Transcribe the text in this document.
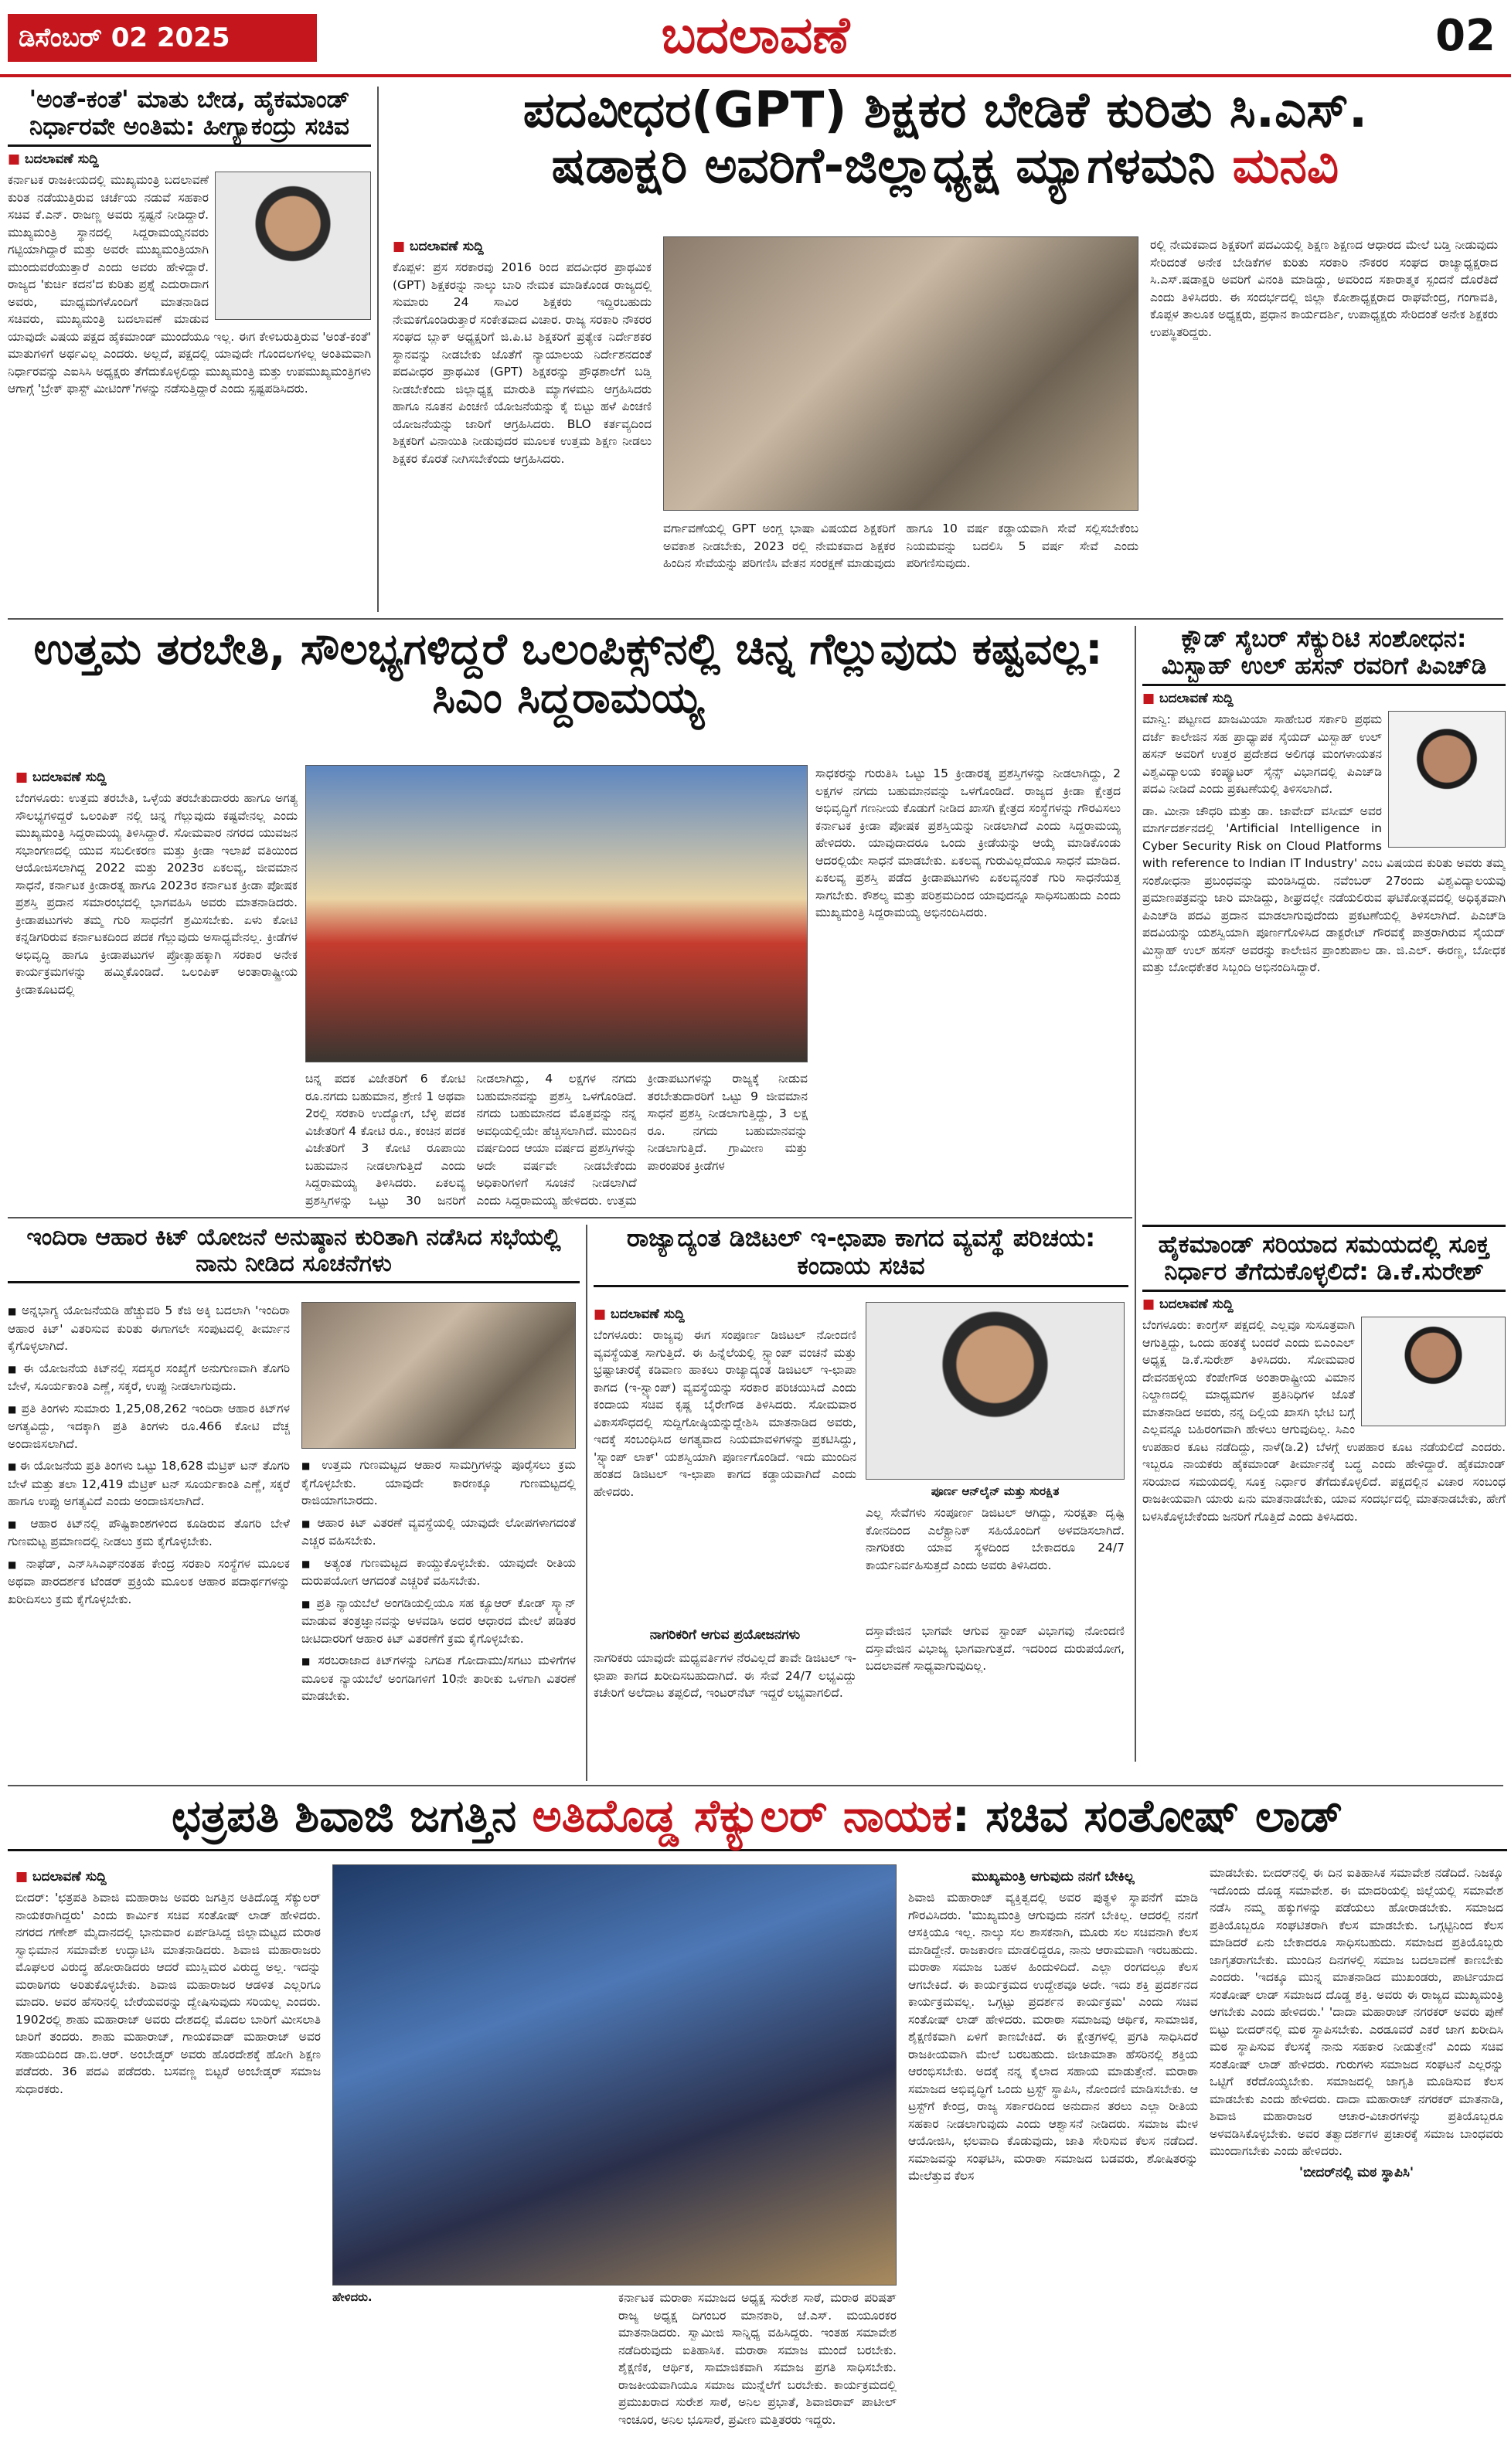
ಡಿಸೆಂಬರ್ 02 2025	ಬದಲಾವಣೆ	02
'ಅಂತೆ-ಕಂತೆ' ಮಾತು ಬೇಡ, ಹೈಕಮಾಂಡ್ ನಿರ್ಧಾರವೇ ಅಂತಿಮ: ಹೀಗ್ಯಾಕಂದ್ರು ಸಚಿವ
■ ಬದಲಾವಣೆ ಸುದ್ದಿ
ಕರ್ನಾಟಕ ರಾಜಕೀಯದಲ್ಲಿ ಮುಖ್ಯಮಂತ್ರಿ ಬದಲಾವಣೆ ಕುರಿತ ನಡೆಯುತ್ತಿರುವ ಚರ್ಚೆಯ ನಡುವೆ ಸಹಕಾರ ಸಚಿವ ಕೆ.ಎನ್. ರಾಜಣ್ಣ ಅವರು ಸ್ಪಷ್ಟನೆ ನೀಡಿದ್ದಾರೆ. ಮುಖ್ಯಮಂತ್ರಿ ಸ್ಥಾನದಲ್ಲಿ ಸಿದ್ದರಾಮಯ್ಯನವರು ಗಟ್ಟಿಯಾಗಿದ್ದಾರೆ ಮತ್ತು ಅವರೇ ಮುಖ್ಯಮಂತ್ರಿಯಾಗಿ ಮುಂದುವರೆಯುತ್ತಾರೆ ಎಂದು ಅವರು ಹೇಳಿದ್ದಾರೆ. ರಾಜ್ಯದ 'ಕುರ್ಚಿ ಕದನ'ದ ಕುರಿತು ಪ್ರಶ್ನೆ ಎದುರಾದಾಗ ಅವರು, ಮಾಧ್ಯಮಗಳೊಂದಿಗೆ ಮಾತನಾಡಿದ ಸಚಿವರು, ಮುಖ್ಯಮಂತ್ರಿ ಬದಲಾವಣೆ ಮಾಡುವ ಯಾವುದೇ ವಿಷಯ ಪಕ್ಷದ ಹೈಕಮಾಂಡ್ ಮುಂದೆಯೂ ಇಲ್ಲ. ಈಗ ಕೇಳಿಬರುತ್ತಿರುವ 'ಅಂತೆ-ಕಂತೆ' ಮಾತುಗಳಿಗೆ ಅರ್ಥವಿಲ್ಲ ಎಂದರು. ಅಲ್ಲದೆ, ಪಕ್ಷದಲ್ಲಿ ಯಾವುದೇ ಗೊಂದಲಗಳಿಲ್ಲ ಅಂತಿಮವಾಗಿ ನಿರ್ಧಾರವನ್ನು ಎಐಸಿಸಿ ಅಧ್ಯಕ್ಷರು ತೆಗೆದುಕೊಳ್ಳಲಿದ್ದು ಮುಖ್ಯಮಂತ್ರಿ ಮತ್ತು ಉಪಮುಖ್ಯಮಂತ್ರಿಗಳು ಆಗಾಗ್ಗೆ 'ಬ್ರೇಕ್ ಫಾಸ್ಟ್ ಮೀಟಿಂಗ್'ಗಳನ್ನು ನಡೆಸುತ್ತಿದ್ದಾರೆ ಎಂದು ಸ್ಪಷ್ಟಪಡಿಸಿದರು.
ಪದವೀಧರ(GPT) ಶಿಕ್ಷಕರ ಬೇಡಿಕೆ ಕುರಿತು ಸಿ.ಎಸ್.
ಷಡಾಕ್ಷರಿ ಅವರಿಗೆ-ಜಿಲ್ಲಾಧ್ಯಕ್ಷ ಮ್ಯಾಗಳಮನಿ ಮನವಿ
■ ಬದಲಾವಣೆ ಸುದ್ದಿ
ಕೊಪ್ಪಳ: ಪ್ರಸ ಸರಕಾರವು 2016 ರಿಂದ ಪದವೀಧರ ಪ್ರಾಥಮಿಕ (GPT) ಶಿಕ್ಷಕರನ್ನು ನಾಲ್ಕು ಬಾರಿ ನೇಮಕ ಮಾಡಿಕೊಂಡ ರಾಜ್ಯದಲ್ಲಿ ಸುಮಾರು 24 ಸಾವಿರ ಶಿಕ್ಷಕರು ಇದ್ದಿರಬಹುದು ನೇಮಕಗೊಂಡಿರುತ್ತಾರೆ ಸಂಕೇತವಾದ ವಿಚಾರ. ರಾಜ್ಯ ಸರಕಾರಿ ನೌಕರರ ಸಂಘದ ಬ್ಲಾಕ್ ಅಧ್ಯಕ್ಷರಿಗೆ ಜಿ.ಪಿ.ಟಿ ಶಿಕ್ಷಕರಿಗೆ ಪ್ರತ್ಯೇಕ ನಿರ್ದೇಶಕರ ಸ್ಥಾನವನ್ನು ನೀಡಬೇಕು ಜೊತೆಗೆ ನ್ಯಾಯಾಲಯ ನಿರ್ದೇಶನದಂತೆ ಪದವೀಧರ ಪ್ರಾಥಮಿಕ (GPT) ಶಿಕ್ಷಕರನ್ನು ಪ್ರೌಢಶಾಲೆಗೆ ಬಡ್ತಿ ನೀಡಬೇಕೆಂದು ಜಿಲ್ಲಾಧ್ಯಕ್ಷ ಮಾರುತಿ ಮ್ಯಾಗಳಮನಿ ಆಗ್ರಹಿಸಿದರು ಹಾಗೂ ನೂತನ ಪಿಂಚಣಿ ಯೋಜನೆಯನ್ನು ಕೈ ಬಿಟ್ಟು ಹಳೆ ಪಿಂಚಣಿ ಯೋಜನೆಯನ್ನು ಜಾರಿಗೆ ಆಗ್ರಹಿಸಿದರು. BLO ಕರ್ತವ್ಯದಿಂದ ಶಿಕ್ಷಕರಿಗೆ ವಿನಾಯಿತಿ ನೀಡುವುದರ ಮೂಲಕ ಉತ್ತಮ ಶಿಕ್ಷಣ ನೀಡಲು ಶಿಕ್ಷಕರ ಕೊರತೆ ನೀಗಿಸಬೇಕೆಂದು ಆಗ್ರಹಿಸಿದರು.
ವರ್ಗಾವಣೆಯಲ್ಲಿ GPT ಅಂಗ್ಲ ಭಾಷಾ ವಿಷಯದ ಶಿಕ್ಷಕರಿಗೆ ಅವಕಾಶ ನೀಡಬೇಕು, 2023 ರಲ್ಲಿ ನೇಮಕವಾದ ಶಿಕ್ಷಕರ ಹಿಂದಿನ ಸೇವೆಯನ್ನು ಪರಿಗಣಿಸಿ ವೇತನ ಸಂರಕ್ಷಣೆ ಮಾಡುವುದು ಹಾಗೂ 10 ವರ್ಷ ಕಡ್ಡಾಯವಾಗಿ ಸೇವೆ ಸಲ್ಲಿಸಬೇಕೆಂಬ ನಿಯಮವನ್ನು ಬದಲಿಸಿ 5 ವರ್ಷ ಸೇವೆ ಎಂದು ಪರಿಗಣಿಸುವುದು.
ರಲ್ಲಿ ನೇಮಕವಾದ ಶಿಕ್ಷಕರಿಗೆ ಪದವಿಯಲ್ಲಿ ಶಿಕ್ಷಣ ಶಿಕ್ಷಣದ ಆಧಾರದ ಮೇಲೆ ಬಡ್ತಿ ನೀಡುವುದು ಸೇರಿದಂತೆ ಅನೇಕ ಬೇಡಿಕೆಗಳ ಕುರಿತು ಸರಕಾರಿ ನೌಕರರ ಸಂಘದ ರಾಜ್ಯಾಧ್ಯಕ್ಷರಾದ ಸಿ.ಎಸ್.ಷಡಾಕ್ಷರಿ ಅವರಿಗೆ ವಿನಂತಿ ಮಾಡಿದ್ದು, ಅವರಿಂದ ಸಕಾರಾತ್ಮಕ ಸ್ಪಂದನೆ ದೊರೆತಿದೆ ಎಂದು ತಿಳಿಸಿದರು. ಈ ಸಂದರ್ಭದಲ್ಲಿ ಜಿಲ್ಲಾ ಕೋಶಾಧ್ಯಕ್ಷರಾದ ರಾಘವೇಂದ್ರ, ಗಂಗಾವತಿ, ಕೊಪ್ಪಳ ತಾಲೂಕ ಅಧ್ಯಕ್ಷರು, ಪ್ರಧಾನ ಕಾರ್ಯದರ್ಶಿ, ಉಪಾಧ್ಯಕ್ಷರು ಸೇರಿದಂತೆ ಅನೇಕ ಶಿಕ್ಷಕರು ಉಪಸ್ಥಿತರಿದ್ದರು.
ಉತ್ತಮ ತರಬೇತಿ, ಸೌಲಭ್ಯಗಳಿದ್ದರೆ ಒಲಂಪಿಕ್ಸ್‌ನಲ್ಲಿ ಚಿನ್ನ ಗೆಲ್ಲುವುದು ಕಷ್ಟವಲ್ಲ: ಸಿಎಂ ಸಿದ್ದರಾಮಯ್ಯ
■ ಬದಲಾವಣೆ ಸುದ್ದಿ
ಬೆಂಗಳೂರು: ಉತ್ತಮ ತರಬೇತಿ, ಒಳ್ಳೆಯ ತರಬೇತುದಾರರು ಹಾಗೂ ಅಗತ್ಯ ಸೌಲಭ್ಯಗಳಿದ್ದರೆ ಒಲಂಪಿಕ್ ನಲ್ಲಿ ಚಿನ್ನ ಗೆಲ್ಲುವುದು ಕಷ್ಟವೇನಲ್ಲ ಎಂದು ಮುಖ್ಯಮಂತ್ರಿ ಸಿದ್ದರಾಮಯ್ಯ ತಿಳಿಸಿದ್ದಾರೆ. ಸೋಮವಾರ ನಗರದ ಯುವಜನ ಸಭಾಂಗಣದಲ್ಲಿ ಯುವ ಸಬಲೀಕರಣ ಮತ್ತು ಕ್ರೀಡಾ ಇಲಾಖೆ ವತಿಯಿಂದ ಆಯೋಜಿಸಲಾಗಿದ್ದ 2022 ಮತ್ತು 2023ರ ಏಕಲವ್ಯ, ಜೀವಮಾನ ಸಾಧನೆ, ಕರ್ನಾಟಕ ಕ್ರೀಡಾರತ್ನ ಹಾಗೂ 2023ರ ಕರ್ನಾಟಕ ಕ್ರೀಡಾ ಪೋಷಕ ಪ್ರಶಸ್ತಿ ಪ್ರದಾನ ಸಮಾರಂಭದಲ್ಲಿ ಭಾಗವಹಿಸಿ ಅವರು ಮಾತನಾಡಿದರು. ಕ್ರೀಡಾಪಟುಗಳು ತಮ್ಮ ಗುರಿ ಸಾಧನೆಗೆ ಶ್ರಮಿಸಬೇಕು. ಏಳು ಕೋಟಿ ಕನ್ನಡಿಗರಿರುವ ಕರ್ನಾಟಕದಿಂದ ಪದಕ ಗೆಲ್ಲುವುದು ಅಸಾಧ್ಯವೇನಲ್ಲ. ಕ್ರೀಡೆಗಳ ಅಭಿವೃದ್ಧಿ ಹಾಗೂ ಕ್ರೀಡಾಪಟುಗಳ ಪ್ರೋತ್ಸಾಹಕ್ಕಾಗಿ ಸರಕಾರ ಅನೇಕ ಕಾರ್ಯಕ್ರಮಗಳನ್ನು ಹಮ್ಮಿಕೊಂಡಿದೆ. ಒಲಂಪಿಕ್ ಅಂತಾರಾಷ್ಟ್ರೀಯ ಕ್ರೀಡಾಕೂಟದಲ್ಲಿ
ಚಿನ್ನ ಪದಕ ವಿಜೇತರಿಗೆ 6 ಕೋಟಿ ರೂ.ನಗದು ಬಹುಮಾನ, ಶ್ರೇಣಿ 1 ಅಥವಾ 2ರಲ್ಲಿ ಸರಕಾರಿ ಉದ್ಯೋಗ, ಬೆಳ್ಳಿ ಪದಕ ವಿಜೇತರಿಗೆ 4 ಕೋಟಿ ರೂ., ಕಂಚಿನ ಪದಕ ವಿಜೇತರಿಗೆ 3 ಕೋಟಿ ರೂಪಾಯಿ ಬಹುಮಾನ ನೀಡಲಾಗುತ್ತಿದೆ ಎಂದು ಸಿದ್ದರಾಮಯ್ಯ ತಿಳಿಸಿದರು. ಏಕಲವ್ಯ ಪ್ರಶಸ್ತಿಗಳನ್ನು ಒಟ್ಟು 30 ಜನರಿಗೆ ನೀಡಲಾಗಿದ್ದು, 4 ಲಕ್ಷಗಳ ನಗದು ಬಹುಮಾನವನ್ನು ಪ್ರಶಸ್ತಿ ಒಳಗೊಂಡಿದೆ. ನಗದು ಬಹುಮಾನದ ಮೊತ್ತವನ್ನು ನನ್ನ ಅವಧಿಯಲ್ಲಿಯೇ ಹೆಚ್ಚಿಸಲಾಗಿದೆ. ಮುಂದಿನ ವರ್ಷದಿಂದ ಆಯಾ ವರ್ಷದ ಪ್ರಶಸ್ತಿಗಳನ್ನು ಅದೇ ವರ್ಷವೇ ನೀಡಬೇಕೆಂದು ಅಧಿಕಾರಿಗಳಿಗೆ ಸೂಚನೆ ನೀಡಲಾಗಿದೆ ಎಂದು ಸಿದ್ದರಾಮಯ್ಯ ಹೇಳಿದರು. ಉತ್ತಮ ಕ್ರೀಡಾಪಟುಗಳನ್ನು ರಾಜ್ಯಕ್ಕೆ ನೀಡುವ ತರಬೇತುದಾರರಿಗೆ ಒಟ್ಟು 9 ಜೀವಮಾನ ಸಾಧನೆ ಪ್ರಶಸ್ತಿ ನೀಡಲಾಗುತ್ತಿದ್ದು, 3 ಲಕ್ಷ ರೂ. ನಗದು ಬಹುಮಾನವನ್ನು ನೀಡಲಾಗುತ್ತಿದೆ. ಗ್ರಾಮೀಣ ಮತ್ತು ಪಾರಂಪರಿಕ ಕ್ರೀಡೆಗಳ
ಸಾಧಕರನ್ನು ಗುರುತಿಸಿ ಒಟ್ಟು 15 ಕ್ರೀಡಾರತ್ನ ಪ್ರಶಸ್ತಿಗಳನ್ನು ನೀಡಲಾಗಿದ್ದು, 2 ಲಕ್ಷಗಳ ನಗದು ಬಹುಮಾನವನ್ನು ಒಳಗೊಂಡಿದೆ. ರಾಜ್ಯದ ಕ್ರೀಡಾ ಕ್ಷೇತ್ರದ ಅಭಿವೃದ್ಧಿಗೆ ಗಣನೀಯ ಕೊಡುಗೆ ನೀಡಿದ ಖಾಸಗಿ ಕ್ಷೇತ್ರದ ಸಂಸ್ಥೆಗಳನ್ನು ಗೌರವಿಸಲು ಕರ್ನಾಟಕ ಕ್ರೀಡಾ ಪೋಷಕ ಪ್ರಶಸ್ತಿಯನ್ನು ನೀಡಲಾಗಿದೆ ಎಂದು ಸಿದ್ದರಾಮಯ್ಯ ಹೇಳಿದರು. ಯಾವುದಾದರೂ ಒಂದು ಕ್ರೀಡೆಯನ್ನು ಆಯ್ಕೆ ಮಾಡಿಕೊಂಡು ಆದರಲ್ಲಿಯೇ ಸಾಧನೆ ಮಾಡಬೇಕು. ಏಕಲವ್ಯ ಗುರುವಿಲ್ಲದೆಯೂ ಸಾಧನೆ ಮಾಡಿದ. ಏಕಲವ್ಯ ಪ್ರಶಸ್ತಿ ಪಡೆದ ಕ್ರೀಡಾಪಟುಗಳು ಏಕಲವ್ಯನಂತೆ ಗುರಿ ಸಾಧನೆಯತ್ತ ಸಾಗಬೇಕು. ಕೌಶಲ್ಯ ಮತ್ತು ಪರಿಶ್ರಮದಿಂದ ಯಾವುದನ್ನೂ ಸಾಧಿಸಬಹುದು ಎಂದು ಮುಖ್ಯಮಂತ್ರಿ ಸಿದ್ದರಾಮಯ್ಯ ಅಭಿನಂದಿಸಿದರು.
ಕ್ಲೌಡ್ ಸೈಬರ್ ಸೆಕ್ಯುರಿಟಿ ಸಂಶೋಧನ: ಮಿಸ್ಬಾಹ್ ಉಲ್ ಹಸನ್ ರವರಿಗೆ ಪಿಎಚ್‌ಡಿ
■ ಬದಲಾವಣೆ ಸುದ್ದಿ
ಮಾನ್ವಿ: ಪಟ್ಟಣದ ಖಾಜಮಿಯಾ ಸಾಹೇಬರ ಸರ್ಕಾರಿ ಪ್ರಥಮ ದರ್ಜೆ ಕಾಲೇಜಿನ ಸಹ ಪ್ರಾಧ್ಯಾಪಕ ಸೈಯದ್ ಮಿಸ್ಬಾಹ್ ಉಲ್ ಹಸನ್ ಅವರಿಗೆ ಉತ್ತರ ಪ್ರದೇಶದ ಅಲಿಗಢ ಮಂಗಳಾಯತನ ವಿಶ್ವವಿದ್ಯಾಲಯ ಕಂಪ್ಯೂಟರ್ ಸೈನ್ಸ್ ವಿಭಾಗದಲ್ಲಿ ಪಿಎಚ್‌ಡಿ ಪದವಿ ನೀಡಿದೆ ಎಂದು ಪ್ರಕಟಣೆಯಲ್ಲಿ ತಿಳಿಸಲಾಗಿದೆ.
ಡಾ. ಮೀನಾ ಚೌಧರಿ ಮತ್ತು ಡಾ. ಜಾವೇದ್ ವಸೀಮ್ ಅವರ ಮಾರ್ಗದರ್ಶನದಲ್ಲಿ 'Artificial Intelligence in Cyber Security Risk on Cloud Platforms with reference to Indian IT Industry' ಎಂಬ ವಿಷಯದ ಕುರಿತು ಅವರು ತಮ್ಮ ಸಂಶೋಧನಾ ಪ್ರಬಂಧವನ್ನು ಮಂಡಿಸಿದ್ದರು. ನವೆಂಬರ್ 27ರಂದು ವಿಶ್ವವಿದ್ಯಾಲಯವು ಪ್ರಮಾಣಪತ್ರವನ್ನು ಜಾರಿ ಮಾಡಿದ್ದು, ಶೀಘ್ರದಲ್ಲೇ ನಡೆಯಲಿರುವ ಘಟಿಕೋತ್ಸವದಲ್ಲಿ ಅಧಿಕೃತವಾಗಿ ಪಿಎಚ್‌ಡಿ ಪದವಿ ಪ್ರದಾನ ಮಾಡಲಾಗುವುದೆಂದು ಪ್ರಕಟಣೆಯಲ್ಲಿ ತಿಳಿಸಲಾಗಿದೆ. ಪಿಎಚ್‌ಡಿ ಪದವಿಯನ್ನು ಯಶಸ್ವಿಯಾಗಿ ಪೂರ್ಣಗೊಳಿಸಿದ ಡಾಕ್ಟರೇಟ್ ಗೌರವಕ್ಕೆ ಪಾತ್ರರಾಗಿರುವ ಸೈಯದ್ ಮಿಸ್ಬಾಹ್ ಉಲ್ ಹಸನ್ ಅವರನ್ನು ಕಾಲೇಜಿನ ಪ್ರಾಂಶುಪಾಲ ಡಾ. ಜಿ.ಎಲ್. ಈರಣ್ಣ, ಬೋಧಕ ಮತ್ತು ಬೋಧಕೇತರ ಸಿಬ್ಬಂದಿ ಅಭಿನಂದಿಸಿದ್ದಾರೆ.
ಇಂದಿರಾ ಆಹಾರ ಕಿಟ್ ಯೋಜನೆ ಅನುಷ್ಠಾನ ಕುರಿತಾಗಿ ನಡೆಸಿದ ಸಭೆಯಲ್ಲಿ ನಾನು ನೀಡಿದ ಸೂಚನೆಗಳು
■ ಅನ್ನಭಾಗ್ಯ ಯೋಜನೆಯಡಿ ಹೆಚ್ಚುವರಿ 5 ಕೆಜಿ ಅಕ್ಕಿ ಬದಲಾಗಿ 'ಇಂದಿರಾ ಆಹಾರ ಕಿಟ್' ವಿತರಿಸುವ ಕುರಿತು ಈಗಾಗಲೇ ಸಂಪುಟದಲ್ಲಿ ತೀರ್ಮಾನ ಕೈಗೊಳ್ಳಲಾಗಿದೆ.
■ ಈ ಯೋಜನೆಯ ಕಿಟ್‌ನಲ್ಲಿ ಸದಸ್ಯರ ಸಂಖ್ಯೆಗೆ ಅನುಗುಣವಾಗಿ ತೊಗರಿ ಬೇಳೆ, ಸೂರ್ಯಕಾಂತಿ ಎಣ್ಣೆ, ಸಕ್ಕರೆ, ಉಪ್ಪು ನೀಡಲಾಗುವುದು.
■ ಪ್ರತಿ ತಿಂಗಳು ಸುಮಾರು 1,25,08,262 ಇಂದಿರಾ ಆಹಾರ ಕಿಟ್‌ಗಳ ಅಗತ್ಯವಿದ್ದು, ಇದಕ್ಕಾಗಿ ಪ್ರತಿ ತಿಂಗಳು ರೂ.466 ಕೋಟಿ ವೆಚ್ಚ ಅಂದಾಜಿಸಲಾಗಿದೆ.
■ ಈ ಯೋಜನೆಯ ಪ್ರತಿ ತಿಂಗಳು ಒಟ್ಟು 18,628 ಮೆಟ್ರಿಕ್ ಟನ್ ತೊಗರಿ ಬೇಳೆ ಮತ್ತು ತಲಾ 12,419 ಮೆಟ್ರಿಕ್ ಟನ್ ಸೂರ್ಯಕಾಂತಿ ಎಣ್ಣೆ, ಸಕ್ಕರೆ ಹಾಗೂ ಉಪ್ಪು ಅಗತ್ಯವಿದೆ ಎಂದು ಅಂದಾಜಿಸಲಾಗಿದೆ.
■ ಆಹಾರ ಕಿಟ್‌ನಲ್ಲಿ ಪೌಷ್ಟಿಕಾಂಶಗಳಿಂದ ಕೂಡಿರುವ ತೊಗರಿ ಬೇಳೆ ಗುಣಮಟ್ಟ ಪ್ರಮಾಣದಲ್ಲಿ ನೀಡಲು ಕ್ರಮ ಕೈಗೊಳ್ಳಬೇಕು.
■ ನಾಫೆಡ್, ಎನ್‌ಸಿಸಿಎಫ್‌ನಂತಹ ಕೇಂದ್ರ ಸರಕಾರಿ ಸಂಸ್ಥೆಗಳ ಮೂಲಕ ಅಥವಾ ಪಾರದರ್ಶಕ ಟೆಂಡರ್ ಪ್ರಕ್ರಿಯೆ ಮೂಲಕ ಆಹಾರ ಪದಾರ್ಥಗಳನ್ನು ಖರೀದಿಸಲು ಕ್ರಮ ಕೈಗೊಳ್ಳಬೇಕು.
■ ಉತ್ತಮ ಗುಣಮಟ್ಟದ ಆಹಾರ ಸಾಮಗ್ರಿಗಳನ್ನು ಪೂರೈಸಲು ಕ್ರಮ ಕೈಗೊಳ್ಳಬೇಕು. ಯಾವುದೇ ಕಾರಣಕ್ಕೂ ಗುಣಮಟ್ಟದಲ್ಲಿ ರಾಜಿಯಾಗಬಾರದು.
■ ಆಹಾರ ಕಿಟ್ ವಿತರಣೆ ವ್ಯವಸ್ಥೆಯಲ್ಲಿ ಯಾವುದೇ ಲೋಪಗಳಾಗದಂತೆ ಎಚ್ಚರ ವಹಿಸಬೇಕು.
■ ಅತ್ಯಂತ ಗುಣಮಟ್ಟದ ಕಾಯ್ದುಕೊಳ್ಳಬೇಕು. ಯಾವುದೇ ರೀತಿಯ ದುರುಪಯೋಗ ಆಗದಂತೆ ಎಚ್ಚರಿಕೆ ವಹಿಸಬೇಕು.
■ ಪ್ರತಿ ನ್ಯಾಯಬೆಲೆ ಅಂಗಡಿಯಲ್ಲಿಯೂ ಸಹ ಕ್ಯೂಆರ್ ಕೋಡ್ ಸ್ಕ್ಯಾನ್ ಮಾಡುವ ತಂತ್ರಜ್ಞಾನವನ್ನು ಅಳವಡಿಸಿ ಅದರ ಆಧಾರದ ಮೇಲೆ ಪಡಿತರ ಚೀಟಿದಾರರಿಗೆ ಆಹಾರ ಕಿಟ್ ವಿತರಣೆಗೆ ಕ್ರಮ ಕೈಗೊಳ್ಳಬೇಕು.
■ ಸರಬರಾಜಾದ ಕಿಟ್‌ಗಳನ್ನು ನಿಗದಿತ ಗೋದಾಮು/ಸಗಟು ಮಳಿಗೆಗಳ ಮೂಲಕ ನ್ಯಾಯಬೆಲೆ ಅಂಗಡಿಗಳಿಗೆ 10ನೇ ತಾರೀಕು ಒಳಗಾಗಿ ವಿತರಣೆ ಮಾಡಬೇಕು.
ರಾಜ್ಯಾದ್ಯಂತ ಡಿಜಿಟಲ್ ಇ-ಛಾಪಾ ಕಾಗದ ವ್ಯವಸ್ಥೆ ಪರಿಚಯ: ಕಂದಾಯ ಸಚಿವ
■ ಬದಲಾವಣೆ ಸುದ್ದಿ
ಬೆಂಗಳೂರು: ರಾಜ್ಯವು ಈಗ ಸಂಪೂರ್ಣ ಡಿಜಿಟಲ್ ನೋಂದಣಿ ವ್ಯವಸ್ಥೆಯತ್ತ ಸಾಗುತ್ತಿದೆ. ಈ ಹಿನ್ನೆಲೆಯಲ್ಲಿ ಸ್ಟ್ಯಾಂಪ್ ವಂಚನೆ ಮತ್ತು ಭ್ರಷ್ಟಾಚಾರಕ್ಕೆ ಕಡಿವಾಣ ಹಾಕಲು ರಾಜ್ಯಾದ್ಯಂತ ಡಿಜಿಟಲ್ ಇ-ಛಾಪಾ ಕಾಗದ (ಇ-ಸ್ಟ್ಯಾಂಪ್) ವ್ಯವಸ್ಥೆಯನ್ನು ಸರಕಾರ ಪರಿಚಯಿಸಿದೆ ಎಂದು ಕಂದಾಯ ಸಚಿವ ಕೃಷ್ಣ ಬೈರೇಗೌಡ ತಿಳಿಸಿದರು. ಸೋಮವಾರ ವಿಕಾಸಸೌಧದಲ್ಲಿ ಸುದ್ದಿಗೋಷ್ಠಿಯನ್ನುದ್ದೇಶಿಸಿ ಮಾತನಾಡಿದ ಅವರು, ಇದಕ್ಕೆ ಸಂಬಂಧಿಸಿದ ಅಗತ್ಯವಾದ ನಿಯಮಾವಳಿಗಳನ್ನು ಪ್ರಕಟಿಸಿದ್ದು, 'ಸ್ಟ್ಯಾಂಪ್ ಲಾಕ್' ಯಶಸ್ವಿಯಾಗಿ ಪೂರ್ಣಗೊಂಡಿದೆ. ಇದು ಮುಂದಿನ ಹಂತದ ಡಿಜಿಟಲ್ ಇ-ಛಾಪಾ ಕಾಗದ ಕಡ್ಡಾಯವಾಗಿದೆ ಎಂದು ಹೇಳಿದರು.	ಪೂರ್ಣ ಆನ್‌ಲೈನ್ ಮತ್ತು ಸುರಕ್ಷಿತ
ಎಲ್ಲ ಸೇವೆಗಳು ಸಂಪೂರ್ಣ ಡಿಜಿಟಲ್ ಆಗಿದ್ದು, ಸುರಕ್ಷತಾ ದೃಷ್ಟಿ ಕೋನದಿಂದ ಎಲೆಕ್ಟ್ರಾನಿಕ್ ಸಹಿಯೊಂದಿಗೆ ಅಳವಡಿಸಲಾಗಿದೆ. ನಾಗರಿಕರು ಯಾವ ಸ್ಥಳದಿಂದ ಬೇಕಾದರೂ 24/7 ಕಾರ್ಯನಿರ್ವಹಿಸುತ್ತದೆ ಎಂದು ಅವರು ತಿಳಿಸಿದರು.
ನಾಗರಿಕರಿಗೆ ಆಗುವ ಪ್ರಯೋಜನಗಳು
ನಾಗರಿಕರು ಯಾವುದೇ ಮಧ್ಯವರ್ತಿಗಳ ನೆರವಿಲ್ಲದೆ ತಾವೇ ಡಿಜಿಟಲ್ ಇ-ಛಾಪಾ ಕಾಗದ ಖರೀದಿಸಬಹುದಾಗಿದೆ. ಈ ಸೇವೆ 24/7 ಲಭ್ಯವಿದ್ದು ಕಚೇರಿಗೆ ಅಲೆದಾಟ ತಪ್ಪಲಿದೆ, ಇಂಟರ್‌ನೆಟ್ ಇದ್ದರೆ ಲಭ್ಯವಾಗಲಿದೆ.
ದಸ್ತಾವೇಜಿನ ಭಾಗವೇ ಆಗುವ ಸ್ಟಾಂಪ್ ವಿಭಾಗವು ನೋಂದಣಿ ದಸ್ತಾವೇಜಿನ ವಿಭಾಜ್ಯ ಭಾಗವಾಗುತ್ತದೆ. ಇದರಿಂದ ದುರುಪಯೋಗ, ಬದಲಾವಣೆ ಸಾಧ್ಯವಾಗುವುದಿಲ್ಲ.
ಹೈಕಮಾಂಡ್ ಸರಿಯಾದ ಸಮಯದಲ್ಲಿ ಸೂಕ್ತ ನಿರ್ಧಾರ ತೆಗೆದುಕೊಳ್ಳಲಿದೆ: ಡಿ.ಕೆ.ಸುರೇಶ್
■ ಬದಲಾವಣೆ ಸುದ್ದಿ
ಬೆಂಗಳೂರು: ಕಾಂಗ್ರೆಸ್ ಪಕ್ಷದಲ್ಲಿ ಎಲ್ಲವೂ ಸುಸೂತ್ರವಾಗಿ ಆಗುತ್ತಿದ್ದು, ಒಂದು ಹಂತಕ್ಕೆ ಬಂದರೆ ಎಂದು ಬಿಎಂಎಲ್ ಅಧ್ಯಕ್ಷ ಡಿ.ಕೆ.ಸುರೇಶ್ ತಿಳಿಸಿದರು. ಸೋಮವಾರ ದೇವನಹಳ್ಳಿಯ ಕೆಂಪೇಗೌಡ ಅಂತಾರಾಷ್ಟ್ರೀಯ ವಿಮಾನ ನಿಲ್ದಾಣದಲ್ಲಿ ಮಾಧ್ಯಮಗಳ ಪ್ರತಿನಿಧಿಗಳ ಜೊತೆ ಮಾತನಾಡಿದ ಅವರು, ನನ್ನ ದಿಲ್ಲಿಯ ಖಾಸಗಿ ಭೇಟಿ ಬಗ್ಗೆ ಎಲ್ಲವನ್ನೂ ಬಹಿರಂಗವಾಗಿ ಹೇಳಲು ಆಗುವುದಿಲ್ಲ. ಸಿಎಂ ಉಪಹಾರ ಕೂಟ ನಡೆದಿದ್ದು, ನಾಳೆ(ಡಿ.2) ಬೆಳಗ್ಗೆ ಉಪಹಾರ ಕೂಟ ನಡೆಯಲಿದೆ ಎಂದರು. ಇಬ್ಬರೂ ನಾಯಕರು ಹೈಕಮಾಂಡ್ ತೀರ್ಮಾನಕ್ಕೆ ಬದ್ಧ ಎಂದು ಹೇಳಿದ್ದಾರೆ. ಹೈಕಮಾಂಡ್ ಸರಿಯಾದ ಸಮಯದಲ್ಲಿ ಸೂಕ್ತ ನಿರ್ಧಾರ ತೆಗೆದುಕೊಳ್ಳಲಿದೆ. ಪಕ್ಷದಲ್ಲಿನ ವಿಚಾರ ಸಂಬಂಧ ರಾಜಕೀಯವಾಗಿ ಯಾರು ಏನು ಮಾತನಾಡಬೇಕು, ಯಾವ ಸಂದರ್ಭದಲ್ಲಿ ಮಾತನಾಡಬೇಕು, ಹೇಗೆ ಬಳಸಿಕೊಳ್ಳಬೇಕೆಂದು ಜನರಿಗೆ ಗೊತ್ತಿದೆ ಎಂದು ತಿಳಿಸಿದರು.
ಛತ್ರಪತಿ ಶಿವಾಜಿ ಜಗತ್ತಿನ ಅತಿದೊಡ್ಡ ಸೆಕ್ಯುಲರ್ ನಾಯಕ: ಸಚಿವ ಸಂತೋಷ್ ಲಾಡ್
■ ಬದಲಾವಣೆ ಸುದ್ದಿ
ಬೀದರ್: 'ಛತ್ರಪತಿ ಶಿವಾಜಿ ಮಹಾರಾಜ ಅವರು ಜಗತ್ತಿನ ಅತಿದೊಡ್ಡ ಸೆಕ್ಯುಲರ್ ನಾಯಕರಾಗಿದ್ದರು' ಎಂದು ಕಾರ್ಮಿಕ ಸಚಿವ ಸಂತೋಷ್ ಲಾಡ್ ಹೇಳಿದರು. ನಗರದ ಗಣೇಶ್ ಮೈದಾನದಲ್ಲಿ ಭಾನುವಾರ ಏರ್ಪಡಿಸಿದ್ದ ಜಿಲ್ಲಾಮಟ್ಟದ ಮರಾಠ ಸ್ವಾಭಿಮಾನ ಸಮಾವೇಶ ಉದ್ಘಾಟಿಸಿ ಮಾತನಾಡಿದರು. ಶಿವಾಜಿ ಮಹಾರಾಜರು ಮೊಘಲರ ವಿರುದ್ಧ ಹೋರಾಡಿದರು ಆದರೆ ಮುಸ್ಲಿಮರ ವಿರುದ್ಧ ಅಲ್ಲ. ಇದನ್ನು ಮರಾಠಿಗರು ಅರಿತುಕೊಳ್ಳಬೇಕು. ಶಿವಾಜಿ ಮಹಾರಾಜರ ಆಡಳಿತ ಎಲ್ಲರಿಗೂ ಮಾದರಿ. ಅವರ ಹೆಸರಿನಲ್ಲಿ ಬೇರೆಯವರನ್ನು ದ್ವೇಷಿಸುವುದು ಸರಿಯಲ್ಲ ಎಂದರು. 1902ರಲ್ಲಿ ಶಾಹು ಮಹಾರಾಜ್ ಅವರು ದೇಶದಲ್ಲಿ ಮೊದಲ ಬಾರಿಗೆ ಮೀಸಲಾತಿ ಜಾರಿಗೆ ತಂದರು. ಶಾಹು ಮಹಾರಾಜ್, ಗಾಯಕವಾಡ್ ಮಹಾರಾಜ್ ಅವರ ಸಹಾಯದಿಂದ ಡಾ.ಬಿ.ಆರ್. ಅಂಬೇಡ್ಕರ್ ಅವರು ಹೊರದೇಶಕ್ಕೆ ಹೋಗಿ ಶಿಕ್ಷಣ ಪಡೆದರು. 36 ಪದವಿ ಪಡೆದರು. ಬಸವಣ್ಣ ಬಿಟ್ಟರೆ ಅಂಬೇಡ್ಕರ್ ಸಮಾಜ ಸುಧಾರಕರು.
ಹೇಳಿದರು.	ಕರ್ನಾಟಕ ಮರಾಠಾ ಸಮಾಜದ ಅಧ್ಯಕ್ಷ ಸುರೇಶ ಸಾಠೆ, ಮರಾಠ ಪರಿಷತ್ ರಾಜ್ಯ ಅಧ್ಯಕ್ಷ ದಿಗಂಬರ ಮಾನಕಾರಿ, ಜೆ.ಎಸ್. ಮಯೂರಕರ ಮಾತನಾಡಿದರು. ಸ್ವಾಮೀಜಿ ಸಾನ್ನಿಧ್ಯ ವಹಿಸಿದ್ದರು. ಇಂತಹ ಸಮಾವೇಶ ನಡೆದಿರುವುದು ಐತಿಹಾಸಿಕ. ಮರಾಠಾ ಸಮಾಜ ಮುಂದೆ ಬರಬೇಕು. ಶೈಕ್ಷಣಿಕ, ಆರ್ಥಿಕ, ಸಾಮಾಜಿಕವಾಗಿ ಸಮಾಜ ಪ್ರಗತಿ ಸಾಧಿಸಬೇಕು. ರಾಜಕೀಯವಾಗಿಯೂ ಸಮಾಜ ಮುನ್ನೆಲೆಗೆ ಬರಬೇಕು. ಕಾರ್ಯಕ್ರಮದಲ್ಲಿ ಪ್ರಮುಖರಾದ ಸುರೇಶ ಸಾಠೆ, ಅನಿಲ ಪ್ರಭಾತೆ, ಶಿವಾಜಿರಾವ್ ಪಾಟೀಲ್ ಇಂಚೂರ, ಅನಿಲ ಭೂಸಾರೆ, ಪ್ರವೀಣ ಮತ್ತಿತರರು ಇದ್ದರು.
ಮುಖ್ಯಮಂತ್ರಿ ಆಗುವುದು ನನಗೆ ಬೇಕಿಲ್ಲ
ಶಿವಾಜಿ ಮಹಾರಾಜ್ ವ್ಯಕ್ತಿತ್ವದಲ್ಲಿ ಅವರ ಪುತ್ಥಳಿ ಸ್ಥಾಪನೆಗೆ ಮಾಡಿ ಗೌರವಿಸಿದರು. 'ಮುಖ್ಯಮಂತ್ರಿ ಆಗುವುದು ನನಗೆ ಬೇಕಿಲ್ಲ. ಆದರಲ್ಲಿ ನನಗೆ ಆಸಕ್ತಿಯೂ ಇಲ್ಲ. ನಾಲ್ಕು ಸಲ ಶಾಸಕನಾಗಿ, ಮೂರು ಸಲ ಸಚಿವನಾಗಿ ಕೆಲಸ ಮಾಡಿದ್ದೇನೆ. ರಾಜಕಾರಣ ಮಾಡಲಿದ್ದರೂ, ನಾನು ಆರಾಮವಾಗಿ ಇರಬಹುದು. ಮರಾಠಾ ಸಮಾಜ ಬಹಳ ಹಿಂದುಳಿದಿದೆ. ಎಲ್ಲಾ ರಂಗದಲ್ಲೂ ಕೆಲಸ ಆಗಬೇಕಿದೆ. ಈ ಕಾರ್ಯಕ್ರಮದ ಉದ್ದೇಶವೂ ಅದೇ. ಇದು ಶಕ್ತಿ ಪ್ರದರ್ಶನದ ಕಾರ್ಯಕ್ರಮವಲ್ಲ. ಒಗ್ಗಟ್ಟು ಪ್ರದರ್ಶನ ಕಾರ್ಯಕ್ರಮ' ಎಂದು ಸಚಿವ ಸಂತೋಷ್ ಲಾಡ್ ಹೇಳಿದರು. ಮರಾಠಾ ಸಮಾಜವು ಆರ್ಥಿಕ, ಸಾಮಾಜಿಕ, ಶೈಕ್ಷಣಿಕವಾಗಿ ಏಳಿಗೆ ಕಾಣಬೇಕಿದೆ. ಈ ಕ್ಷೇತ್ರಗಳಲ್ಲಿ ಪ್ರಗತಿ ಸಾಧಿಸಿದರೆ ರಾಜಕೀಯವಾಗಿ ಮೇಲೆ ಬರಬಹುದು. ಜೀಜಾಮಾತಾ ಹೆಸರಿನಲ್ಲಿ ಶಕ್ತಿಯ ಆರಂಭಿಸಬೇಕು. ಅದಕ್ಕೆ ನನ್ನ ಕೈಲಾದ ಸಹಾಯ ಮಾಡುತ್ತೇನೆ. ಮರಾಠಾ ಸಮಾಜದ ಅಭಿವೃದ್ಧಿಗೆ ಒಂದು ಟ್ರಸ್ಟ್ ಸ್ಥಾಪಿಸಿ, ನೋಂದಣಿ ಮಾಡಿಸಬೇಕು. ಆ ಟ್ರಸ್ಟ್‌ಗೆ ಕೇಂದ್ರ, ರಾಜ್ಯ ಸರ್ಕಾರದಿಂದ ಅನುದಾನ ತರಲು ಎಲ್ಲಾ ರೀತಿಯ ಸಹಕಾರ ನೀಡಲಾಗುವುದು ಎಂದು ಆಶ್ವಾಸನೆ ನೀಡಿದರು. ಸಮಾಜ ಮೇಳ ಆಯೋಜಿಸಿ, ಛಲವಾದಿ ಕೊಡುವುದು, ಜಾತಿ ಸೇರಿಸುವ ಕೆಲಸ ನಡೆದಿದೆ. ಸಮಾಜವನ್ನು ಸಂಘಟಿಸಿ, ಮರಾಠಾ ಸಮಾಜದ ಬಡವರು, ಶೋಷಿತರನ್ನು ಮೇಲೆತ್ತುವ ಕೆಲಸ
ಮಾಡಬೇಕು. ಬೀದರ್‌ನಲ್ಲಿ ಈ ದಿನ ಐತಿಹಾಸಿಕ ಸಮಾವೇಶ ನಡೆದಿದೆ. ನಿಜಕ್ಕೂ ಇದೊಂದು ದೊಡ್ಡ ಸಮಾವೇಶ. ಈ ಮಾದರಿಯಲ್ಲಿ ಜಿಲ್ಲೆಯಲ್ಲಿ ಸಮಾವೇಶ ನಡೆಸಿ ನಮ್ಮ ಹಕ್ಕುಗಳನ್ನು ಪಡೆಯಲು ಹೋರಾಡಬೇಕು. ಸಮಾಜದ ಪ್ರತಿಯೊಬ್ಬರೂ ಸಂಘಟಿತರಾಗಿ ಕೆಲಸ ಮಾಡಬೇಕು. ಒಗ್ಗಟ್ಟಿನಿಂದ ಕೆಲಸ ಮಾಡಿದರೆ ಏನು ಬೇಕಾದರೂ ಸಾಧಿಸಬಹುದು. ಸಮಾಜದ ಪ್ರತಿಯೊಬ್ಬರು ಜಾಗೃತರಾಗಬೇಕು. ಮುಂದಿನ ದಿನಗಳಲ್ಲಿ ಸಮಾಜ ಬದಲಾವಣೆ ಕಾಣಬೇಕು ಎಂದರು. 'ಇದಕ್ಕೂ ಮುನ್ನ ಮಾತನಾಡಿದ ಮುಖಂಡರು, ಪಾರ್ಟಿಯಾದ ಸಂತೋಷ್ ಲಾಡ್ ಸಮಾಜದ ದೊಡ್ಡ ಶಕ್ತಿ. ಅವರು ಈ ರಾಜ್ಯದ ಮುಖ್ಯಮಂತ್ರಿ ಆಗಬೇಕು ಎಂದು ಹೇಳಿದರು.' 'ದಾದಾ ಮಹಾರಾಜ್ ನಗರಕರ್ ಅವರು ಪುಣೆ ಬಿಟ್ಟು ಬೀದರ್‌ನಲ್ಲಿ ಮಠ ಸ್ಥಾಪಿಸಬೇಕು. ಎರಡೂವರೆ ಎಕರೆ ಜಾಗ ಖರೀದಿಸಿ ಮಠ ಸ್ಥಾಪಿಸುವ ಕೆಲಸಕ್ಕೆ ನಾನು ಸಹಕಾರ ನೀಡುತ್ತೇನೆ' ಎಂದು ಸಚಿವ ಸಂತೋಷ್ ಲಾಡ್ ಹೇಳಿದರು. ಗುರುಗಳು ಸಮಾಜದ ಸಂಘಟನೆ ಎಲ್ಲರನ್ನು ಒಟ್ಟಿಗೆ ಕರೆದೊಯ್ಯಬೇಕು. ಸಮಾಜದಲ್ಲಿ ಜಾಗೃತಿ ಮೂಡಿಸುವ ಕೆಲಸ ಮಾಡಬೇಕು ಎಂದು ಹೇಳಿದರು. ದಾದಾ ಮಹಾರಾಜ್ ನಗರಕರ್ ಮಾತನಾಡಿ, ಶಿವಾಜಿ ಮಹಾರಾಜರ ಆಚಾರ-ವಿಚಾರಗಳನ್ನು ಪ್ರತಿಯೊಬ್ಬರೂ ಅಳವಡಿಸಿಕೊಳ್ಳಬೇಕು. ಅವರ ತತ್ವಾದರ್ಶಗಳ ಪ್ರಚಾರಕ್ಕೆ ಸಮಾಜ ಬಾಂಧವರು ಮುಂದಾಗಬೇಕು ಎಂದು ಹೇಳಿದರು.
'ಬೀದರ್‌ನಲ್ಲಿ ಮಠ ಸ್ಥಾಪಿಸಿ'
